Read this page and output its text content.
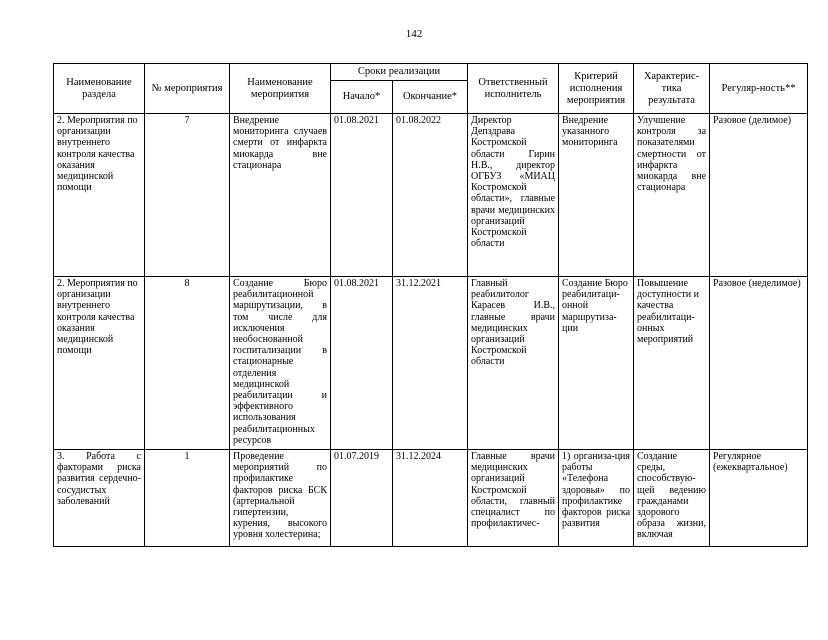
142
Наименование раздела	№ мероприятия	Наименование мероприятия	Сроки реализации		Ответственный исполнитель	Критерий исполнения мероприятия	Характерис-тика результата	Регуляр-ность**
			Начало*	Окончание*				
2. Мероприятия по организации внутреннего контроля качества оказания медицинской помощи	7	Внедрение мониторинга случаев смерти от инфаркта миокарда вне стационара	01.08.2021	01.08.2022	Директор Депздрава Костромской области Гирин Н.В., директор ОГБУЗ «МИАЦ Костромской области», главные врачи медицинских организаций Костромской области	Внедрение указанного мониторинга	Улучшение контроля за показателями смертности от инфаркта миокарда вне стационара	Разовое (делимое)
2. Мероприятия по организации внутреннего контроля качества оказания медицинской помощи	8	Создание Бюро реабилитационной маршрутизации, в том числе для исключения необоснованной госпитализации в стационарные отделения медицинской реабилитации и эффективного использования реабилитационных ресурсов	01.08.2021	31.12.2021	Главный реабилитолог Карасев И.В., главные врачи медицинских организаций Костромской области	Создание Бюро реабилитаци-онной маршрутиза-ции	Повышение доступности и качества реабилитаци-онных мероприятий	Разовое (неделимое)
3. Работа с факторами риска развития сердечно-сосудистых заболеваний	1	Проведение мероприятий по профилактике факторов риска БСК (артериальной гипертензии, курения, высокого уровня холестерина;	01.07.2019	31.12.2024	Главные врачи медицинских организаций Костромской области, главный специалист по профилактичес-	1) организа-ция работы «Телефона здоровья» по профилактике факторов риска развития	Создание среды, способствую-щей ведению гражданами здорового образа жизни, включая	Регулярное (ежеквартальное)
